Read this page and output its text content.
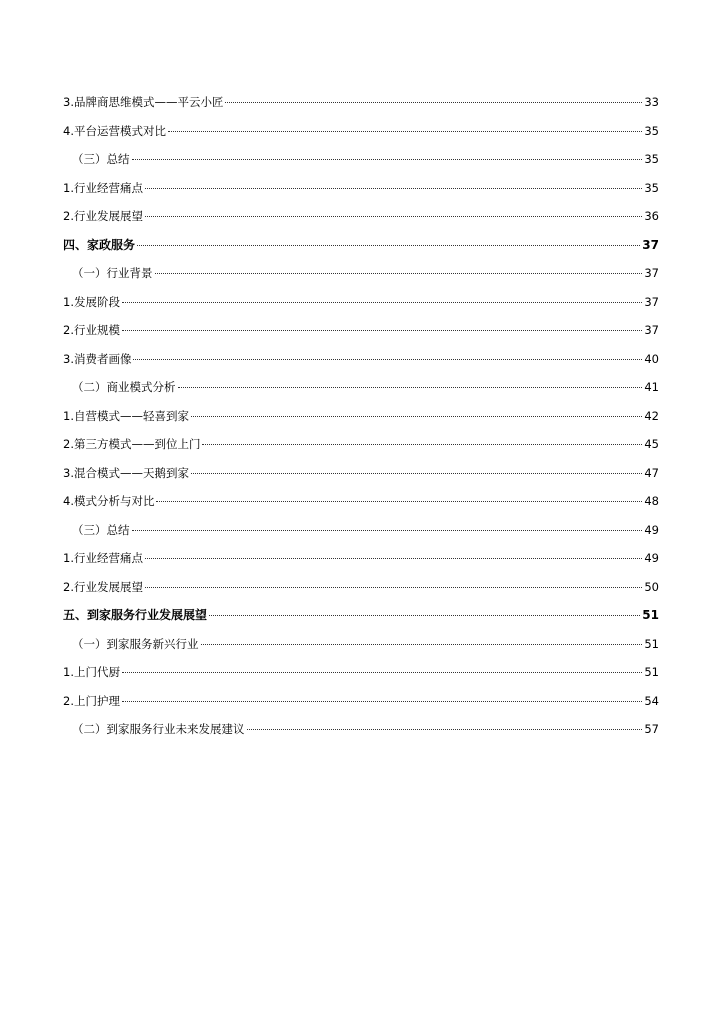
3.品牌商思维模式——平云小匠	33
4.平台运营模式对比	35
（三）总结	35
1.行业经营痛点	35
2.行业发展展望	36
四、家政服务	37
（一）行业背景	37
1.发展阶段	37
2.行业规模	37
3.消费者画像	40
（二）商业模式分析	41
1.自营模式——轻喜到家	42
2.第三方模式——到位上门	45
3.混合模式——天鹅到家	47
4.模式分析与对比	48
（三）总结	49
1.行业经营痛点	49
2.行业发展展望	50
五、到家服务行业发展展望	51
（一）到家服务新兴行业	51
1.上门代厨	51
2.上门护理	54
（二）到家服务行业未来发展建议	57
